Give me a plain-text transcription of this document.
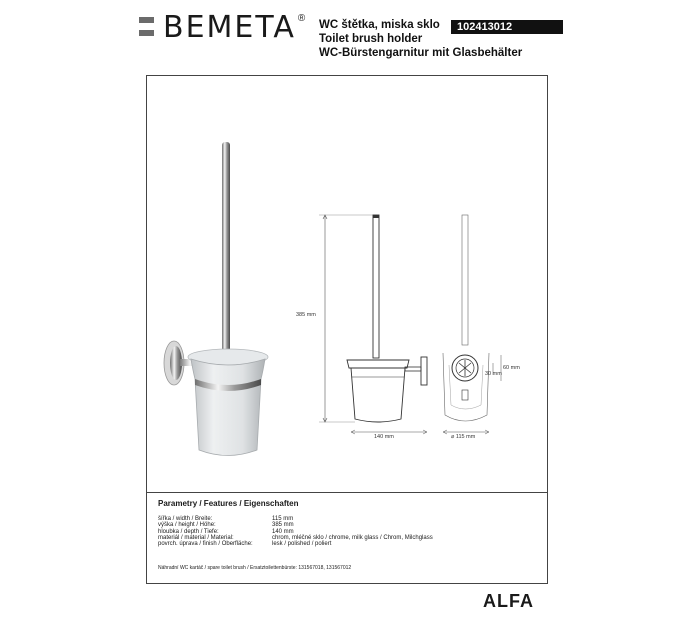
BEMETA ®
WC štětka, miska sklo
Toilet brush holder
WC-Bürstengarnitur mit Glasbehälter
102413012
385 mm
140 mm	⌀ 115 mm
60 mm
30 mm
Parametry / Features / Eigenschaften
šířka / width / Breite:	115 mm
výška / height / Höhe:	385 mm
hloubka / depth / Tiefe:	140 mm
materiál / material / Material:	chrom, mléčné sklo / chrome, milk glass / Chrom, Milchglass
povrch. úprava / finish / Oberfläche:	lesk / polished / poliert
Náhradní WC kartáč / spare toilet brush / Ersatztoilettenbürste: 131567018, 131567012
ALFA
